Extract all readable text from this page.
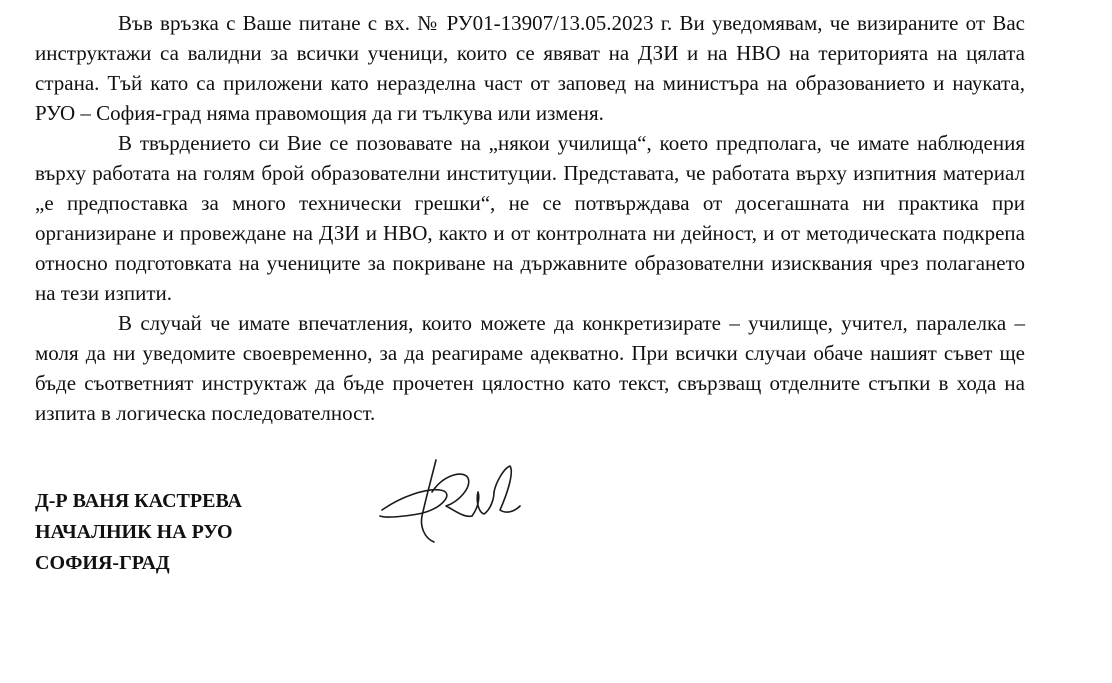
Във връзка с Ваше питане с вх. № РУ01-13907/13.05.2023 г. Ви уведомявам, че визираните от Вас инструктажи са валидни за всички ученици, които се явяват на ДЗИ и на НВО на територията на цялата страна. Тъй като са приложени като неразделна част от заповед на министъра на образованието и науката, РУО – София-град няма правомощия да ги тълкува или изменя.

В твърдението си Вие се позовавате на „някои училища“, което предполага, че имате наблюдения върху работата на голям брой образователни институции. Представата, че работата върху изпитния материал „е предпоставка за много технически грешки“, не се потвърждава от досегашната ни практика при организиране и провеждане на ДЗИ и НВО, както и от контролната ни дейност, и от методическата подкрепа относно подготовката на учениците за покриване на държавните образователни изисквания чрез полагането на тези изпити.

В случай че имате впечатления, които можете да конкретизирате – училище, учител, паралелка – моля да ни уведомите своевременно, за да реагираме адекватно. При всички случаи обаче нашият съвет ще бъде съответният инструктаж да бъде прочетен цялостно като текст, свързващ отделните стъпки в хода на изпита в логическа последователност.

Д-Р ВАНЯ КАСТРЕВА
НАЧАЛНИК НА РУО
СОФИЯ-ГРАД
